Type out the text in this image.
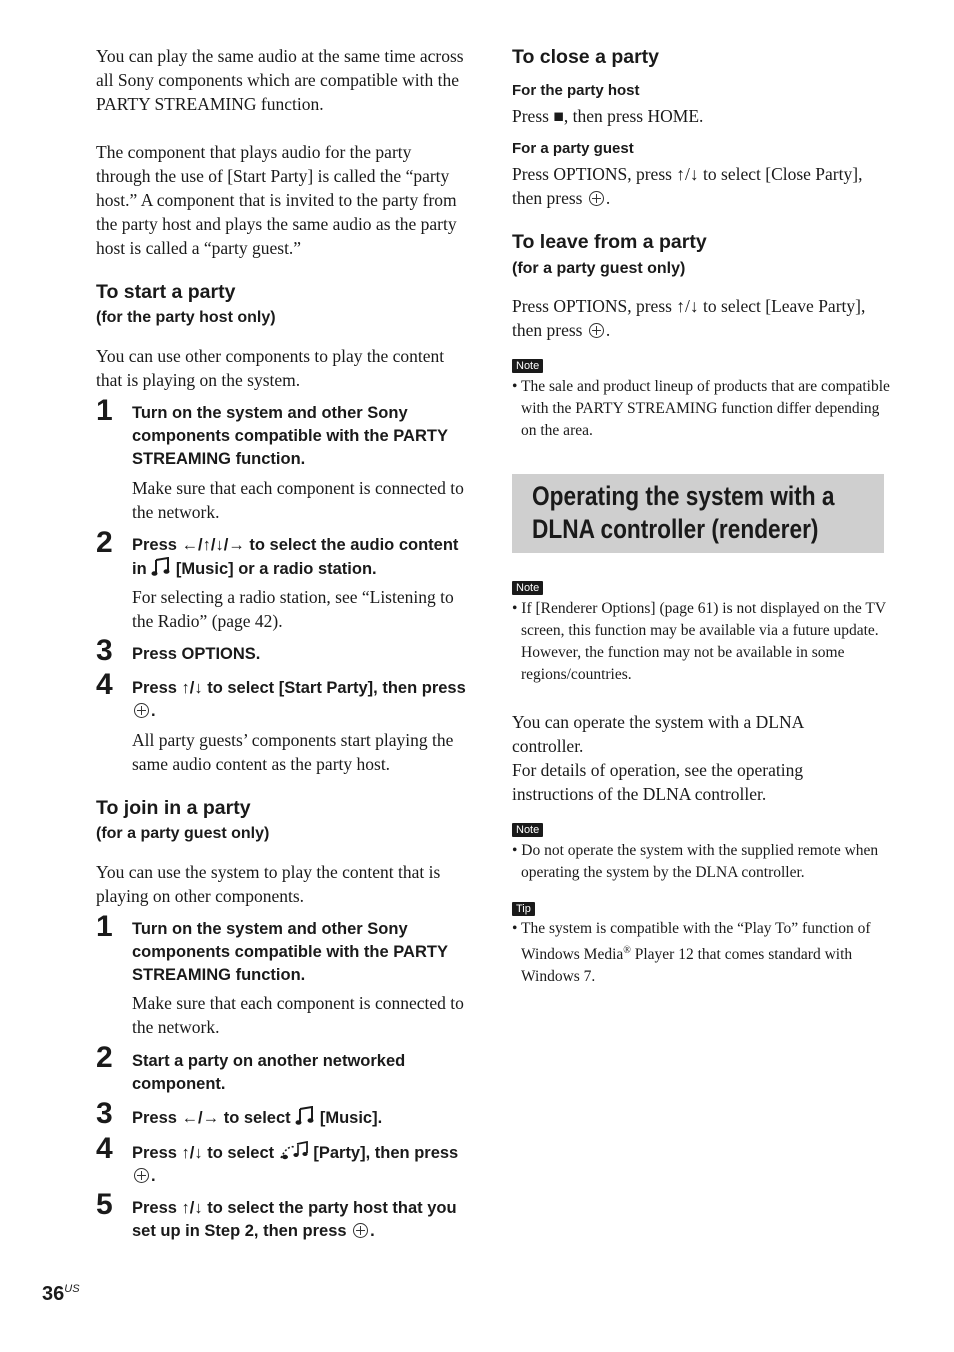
You can play the same audio at the same time across all Sony components which are compatible with the PARTY STREAMING function.
The component that plays audio for the party through the use of [Start Party] is called the “party host.” A component that is invited to the party from the party host and plays the same audio as the party host is called a “party guest.”
To start a party
(for the party host only)
You can use other components to play the content that is playing on the system.
1 Turn on the system and other Sony components compatible with the PARTY STREAMING function.
Make sure that each component is connected to the network.
2 Press ←/↑/↓/→ to select the audio content in [Music] or a radio station.
For selecting a radio station, see “Listening to the Radio” (page 42).
3 Press OPTIONS.
4 Press ↑/↓ to select [Start Party], then press .
All party guests’ components start playing the same audio content as the party host.
To join in a party
(for a party guest only)
You can use the system to play the content that is playing on other components.
1 Turn on the system and other Sony components compatible with the PARTY STREAMING function.
Make sure that each component is connected to the network.
2 Start a party on another networked component.
3 Press ←/→ to select [Music].
4 Press ↑/↓ to select [Party], then press .
5 Press ↑/↓ to select the party host that you set up in Step 2, then press .
To close a party
For the party host
Press ■, then press HOME.
For a party guest
Press OPTIONS, press ↑/↓ to select [Close Party], then press .
To leave from a party
(for a party guest only)
Press OPTIONS, press ↑/↓ to select [Leave Party], then press .
Note
• The sale and product lineup of products that are compatible with the PARTY STREAMING function differ depending on the area.
Note
• If [Renderer Options] (page 61) is not displayed on the TV screen, this function may be available via a future update. However, the function may not be available in some regions/countries.
You can operate the system with a DLNA controller.
For details of operation, see the operating instructions of the DLNA controller.
Note
• Do not operate the system with the supplied remote when operating the system by the DLNA controller.
Tip
• The system is compatible with the “Play To” function of Windows Media® Player 12 that comes standard with Windows 7.
Operating the system with a DLNA controller (renderer)
$36^{US}$
